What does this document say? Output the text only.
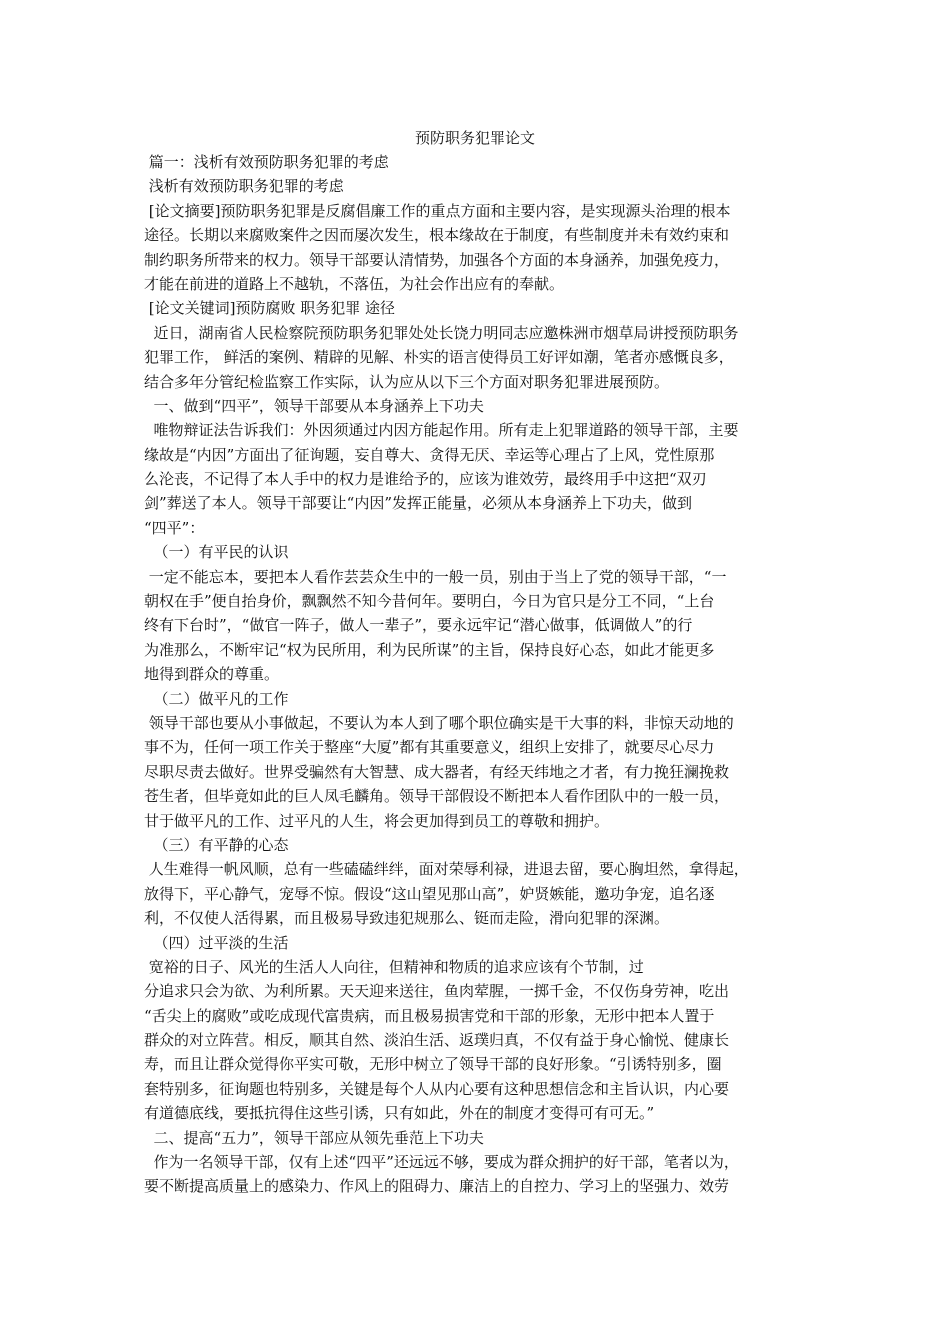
预防职务犯罪论文
篇一：浅析有效预防职务犯罪的考虑
浅析有效预防职务犯罪的考虑
[论文摘要]预防职务犯罪是反腐倡廉工作的重点方面和主要内容，是实现源头治理的根本
途径。长期以来腐败案件之因而屡次发生，根本缘故在于制度，有些制度并未有效约束和
制约职务所带来的权力。领导干部要认清情势，加强各个方面的本身涵养，加强免疫力，
才能在前进的道路上不越轨，不落伍，为社会作出应有的奉献。
[论文关键词]预防腐败 职务犯罪 途径
近日，湖南省人民检察院预防职务犯罪处处长饶力明同志应邀株洲市烟草局讲授预防职务
犯罪工作， 鲜活的案例、精辟的见解、朴实的语言使得员工好评如潮，笔者亦感慨良多，
结合多年分管纪检监察工作实际，认为应从以下三个方面对职务犯罪进展预防。
一、做到“四平”，领导干部要从本身涵养上下功夫
唯物辩证法告诉我们：外因须通过内因方能起作用。所有走上犯罪道路的领导干部，主要
缘故是“内因”方面出了征询题，妄自尊大、贪得无厌、幸运等心理占了上风，党性原那
么沦丧，不记得了本人手中的权力是谁给予的，应该为谁效劳，最终用手中这把“双刃
剑”葬送了本人。领导干部要让“内因”发挥正能量，必须从本身涵养上下功夫，做到
“四平”：
（一）有平民的认识
一定不能忘本，要把本人看作芸芸众生中的一般一员，别由于当上了党的领导干部，“一
朝权在手”便自抬身价，飘飘然不知今昔何年。要明白，今日为官只是分工不同，“上台
终有下台时”，“做官一阵子，做人一辈子”，要永远牢记“潜心做事，低调做人”的行
为准那么，不断牢记“权为民所用，利为民所谋”的主旨，保持良好心态，如此才能更多
地得到群众的尊重。
（二）做平凡的工作
领导干部也要从小事做起，不要认为本人到了哪个职位确实是干大事的料，非惊天动地的
事不为，任何一项工作关于整座“大厦”都有其重要意义，组织上安排了，就要尽心尽力
尽职尽责去做好。世界受骗然有大智慧、成大器者，有经天纬地之才者，有力挽狂澜挽救
苍生者，但毕竟如此的巨人凤毛麟角。领导干部假设不断把本人看作团队中的一般一员，
甘于做平凡的工作、过平凡的人生，将会更加得到员工的尊敬和拥护。
（三）有平静的心态
人生难得一帆风顺，总有一些磕磕绊绊，面对荣辱利禄，进退去留，要心胸坦然，拿得起，
放得下，平心静气，宠辱不惊。假设“这山望见那山高”，妒贤嫉能，邀功争宠，追名逐
利，不仅使人活得累，而且极易导致违犯规那么、铤而走险，滑向犯罪的深渊。
（四）过平淡的生活
宽裕的日子、风光的生活人人向往，但精神和物质的追求应该有个节制，过
分追求只会为欲、为利所累。天天迎来送往，鱼肉荤腥，一掷千金，不仅伤身劳神，吃出
“舌尖上的腐败”或吃成现代富贵病，而且极易损害党和干部的形象，无形中把本人置于
群众的对立阵营。相反，顺其自然、淡泊生活、返璞归真，不仅有益于身心愉悦、健康长
寿，而且让群众觉得你平实可敬，无形中树立了领导干部的良好形象。“引诱特别多，圈
套特别多，征询题也特别多，关键是每个人从内心要有这种思想信念和主旨认识，内心要
有道德底线，要抵抗得住这些引诱，只有如此，外在的制度才变得可有可无。”
二、提高“五力”，领导干部应从领先垂范上下功夫
作为一名领导干部，仅有上述“四平”还远远不够，要成为群众拥护的好干部，笔者以为，
要不断提高质量上的感染力、作风上的阻碍力、廉洁上的自控力、学习上的坚强力、效劳
